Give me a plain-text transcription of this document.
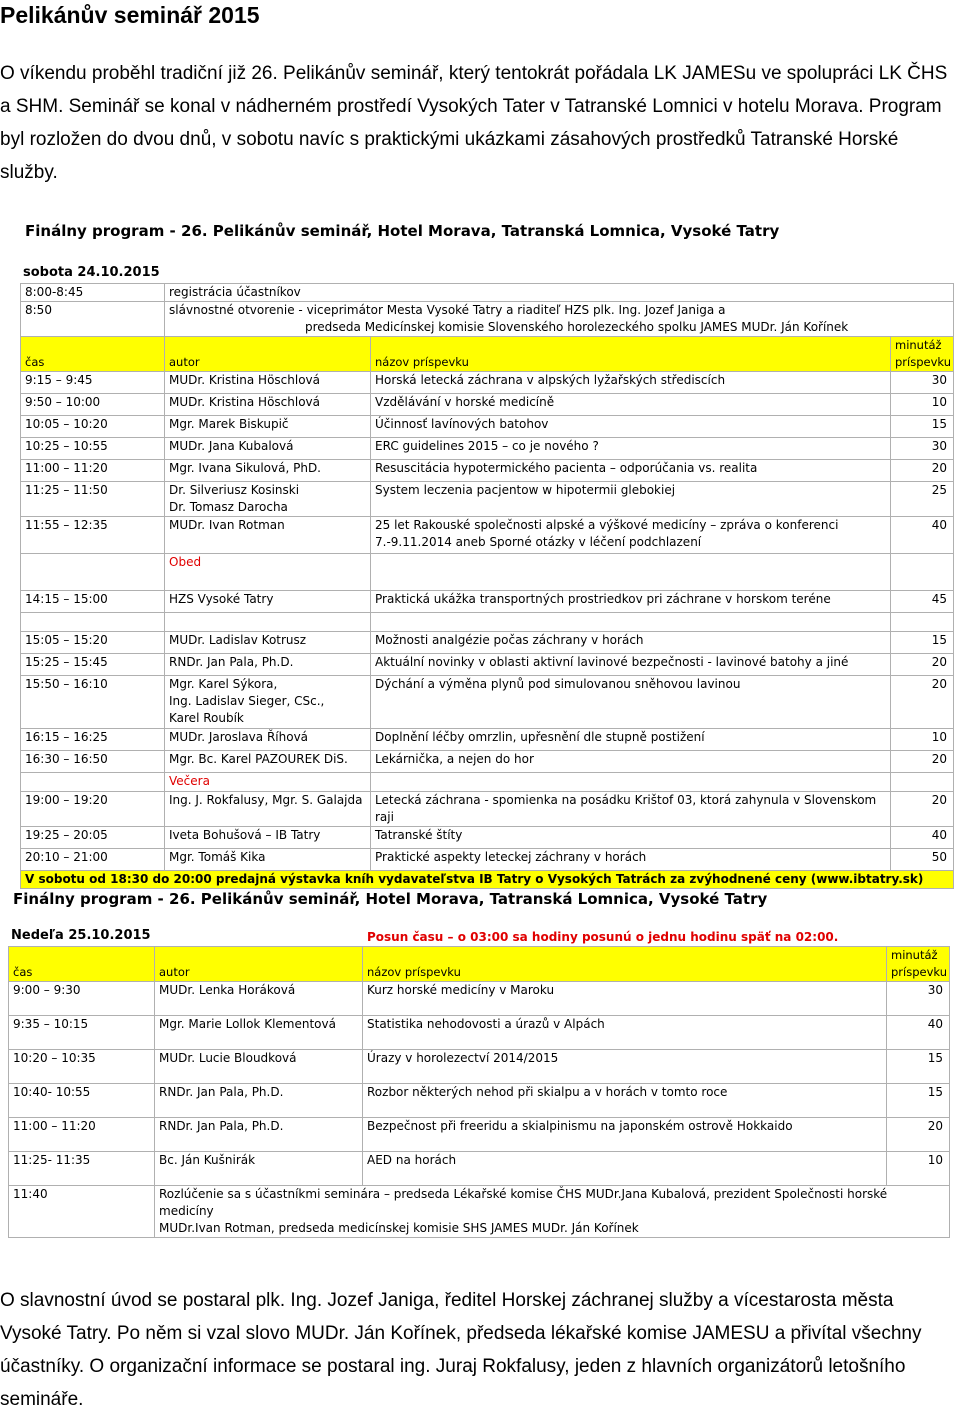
Pelikánův seminář 2015

O víkendu proběhl tradiční již 26. Pelikánův seminář, který tentokrát pořádala LK JAMESu ve spolupráci LK ČHS a SHM. Seminář se konal v nádherném prostředí Vysokých Tater v Tatranské Lomnici v hotelu Morava. Program byl rozložen do dvou dnů, v sobotu navíc s praktickými ukázkami zásahových prostředků Tatranské Horské služby.

Finálny program - 26. Pelikánův seminář, Hotel Morava, Tatranská Lomnica, Vysoké Tatry
sobota 24.10.2015
8:00-8:45	registrácia účastníkov		
8:50	slávnostné otvorenie - viceprimátor Mesta Vysoké Tatry a riaditeľ HZS plk. Ing. Jozef Janiga a
predseda Medicínskej komisie Slovenského horolezeckého spolku JAMES MUDr. Ján Kořínek		

čas	autor	názov príspevku	minutáž príspevku
9:15 – 9:45	MUDr. Kristina Höschlová	Horská letecká záchrana v alpských lyžařských střediscích	30
9:50 – 10:00	MUDr. Kristina Höschlová	Vzdělávání v horské medicíně	10
10:05 – 10:20	Mgr. Marek Biskupič	Účinnosť lavínových batohov	15
10:25 – 10:55	MUDr. Jana Kubalová	ERC guidelines 2015 – co je nového ?	30
11:00 – 11:20	Mgr. Ivana Sikulová, PhD.	Resuscitácia hypotermického pacienta – odporúčania vs. realita	20
11:25 – 11:50	Dr. Silveriusz Kosinski
Dr. Tomasz Darocha	System leczenia pacjentow w hipotermii glebokiej	25
11:55 – 12:35	MUDr. Ivan Rotman	25 let Rakouské společnosti alpské a výškové medicíny – zpráva o konferenci
7.-9.11.2014 aneb Sporné otázky v léčení podchlazení	40
	Obed		
14:15 – 15:00	HZS Vysoké Tatry	Praktická ukážka transportných prostriedkov pri záchrane v horskom teréne	45

15:05 – 15:20	MUDr. Ladislav Kotrusz	Možnosti analgézie počas záchrany v horách	15
15:25 – 15:45	RNDr. Jan Pala, Ph.D.	Aktuální novinky v oblasti aktivní lavinové bezpečnosti - lavinové batohy a jiné	20
15:50 – 16:10	Mgr. Karel Sýkora,
Ing. Ladislav Sieger, CSc.,
Karel Roubík	Dýchání a výměna plynů pod simulovanou sněhovou lavinou	20
16:15 – 16:25	MUDr. Jaroslava Říhová	Doplnění léčby omrzlin, upřesnění dle stupně postižení	10
16:30 – 16:50	Mgr. Bc. Karel PAZOUREK DiS.	Lekárnička, a nejen do hor	20
	Večera		
19:00 – 19:20	Ing. J. Rokfalusy, Mgr. S. Galajda	Letecká záchrana - spomienka na posádku Krištof 03, ktorá zahynula v Slovenskom raji	20
19:25 – 20:05	Iveta Bohušová – IB Tatry	Tatranské štíty	40
20:10 – 21:00	Mgr. Tomáš Kika	Praktické aspekty leteckej záchrany v horách	50
V sobotu od 18:30 do 20:00 predajná výstavka kníh vydavateľstva IB Tatry o Vysokých Tatrách za zvýhodnené ceny (www.ibtatry.sk)			
Finálny program - 26. Pelikánův seminář, Hotel Morava, Tatranská Lomnica, Vysoké Tatry
Nedeľa 25.10.2015	Posun času – o 03:00 sa hodiny posunú o jednu hodinu späť na 02:00.
čas	autor	názov príspevku	minutáž príspevku
9:00 – 9:30	MUDr. Lenka Horáková	Kurz horské medicíny v Maroku	30
9:35 – 10:15	Mgr. Marie Lollok Klementová	Statistika nehodovosti a úrazů v Alpách	40
10:20 – 10:35	MUDr. Lucie Bloudková	Úrazy v horolezectví 2014/2015	15
10:40- 10:55	RNDr. Jan Pala, Ph.D.	Rozbor některých nehod při skialpu a v horách v tomto roce	15
11:00 – 11:20	RNDr. Jan Pala, Ph.D.	Bezpečnost při freeridu a skialpinismu na japonském ostrově Hokkaido	20
11:25- 11:35	Bc. Ján Kušnirák	AED na horách	10
11:40	Rozlúčenie sa s účastníkmi seminára – predseda Lékařské komise ČHS MUDr.Jana Kubalová, prezident Společnosti horské medicíny
MUDr.Ivan Rotman, predseda medicínskej komisie SHS JAMES MUDr. Ján Kořínek		

O slavnostní úvod se postaral plk. Ing. Jozef Janiga, ředitel Horskej záchranej služby a vícestarosta města Vysoké Tatry. Po něm si vzal slovo MUDr. Ján Kořínek, předseda lékařské komise JAMESU a přivítal všechny účastníky. O organizační informace se postaral ing. Juraj Rokfalusy, jeden z hlavních organizátorů letošního semináře.
